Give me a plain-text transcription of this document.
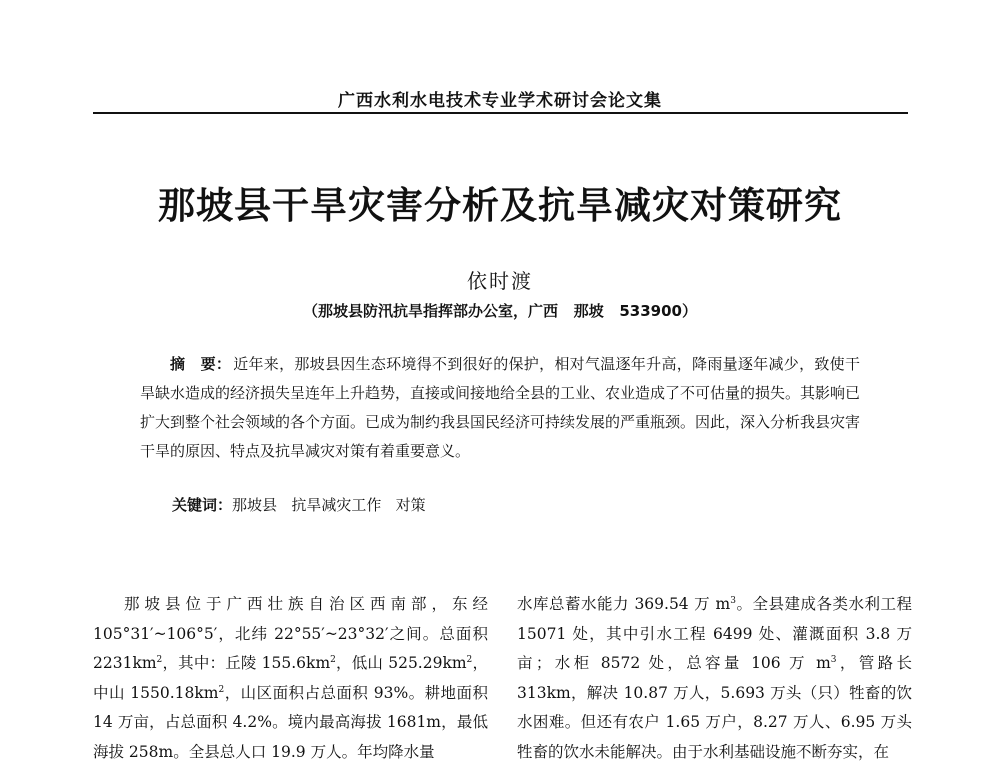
广西水利水电技术专业学术研讨会论文集
那坡县干旱灾害分析及抗旱减灾对策研究
依时渡
（那坡县防汛抗旱指挥部办公室，广西   那坡   533900）
摘　要： 近年来，那坡县因生态环境得不到很好的保护，相对气温逐年升高，降雨量逐年减少，致使干旱缺水造成的经济损失呈连年上升趋势，直接或间接地给全县的工业、农业造成了不可估量的损失。其影响已扩大到整个社会领域的各个方面。已成为制约我县国民经济可持续发展的严重瓶颈。因此，深入分析我县灾害干旱的原因、特点及抗旱减灾对策有着重要意义。
关键词：那坡县   抗旱减灾工作   对策
那坡县位于广西壮族自治区西南部，东经 105°31′~106°5′，北纬 22°55′~23°32′之间。总面积 $2231km^2$，其中：丘陵 $155.6km^2$，低山 $525.29km^2$，中山 $1550.18km^2$，山区面积占总面积 93%。耕地面积 14 万亩，占总面积 4.2%。境内最高海拔 1681m，最低海拔 258m。全县总人口 19.9 万人。年均降水量
水库总蓄水能力 369.54 万 $m^3$。全县建成各类水利工程 15071 处，其中引水工程 6499 处、灌溉面积 3.8 万亩；水柜 8572 处，总容量 106 万 $m^3$，管路长 313km，解决 10.87 万人，5.693 万头（只）牲畜的饮水困难。但还有农户 1.65 万户，8.27 万人、6.95 万头牲畜的饮水未能解决。由于水利基础设施不断夯实，在
